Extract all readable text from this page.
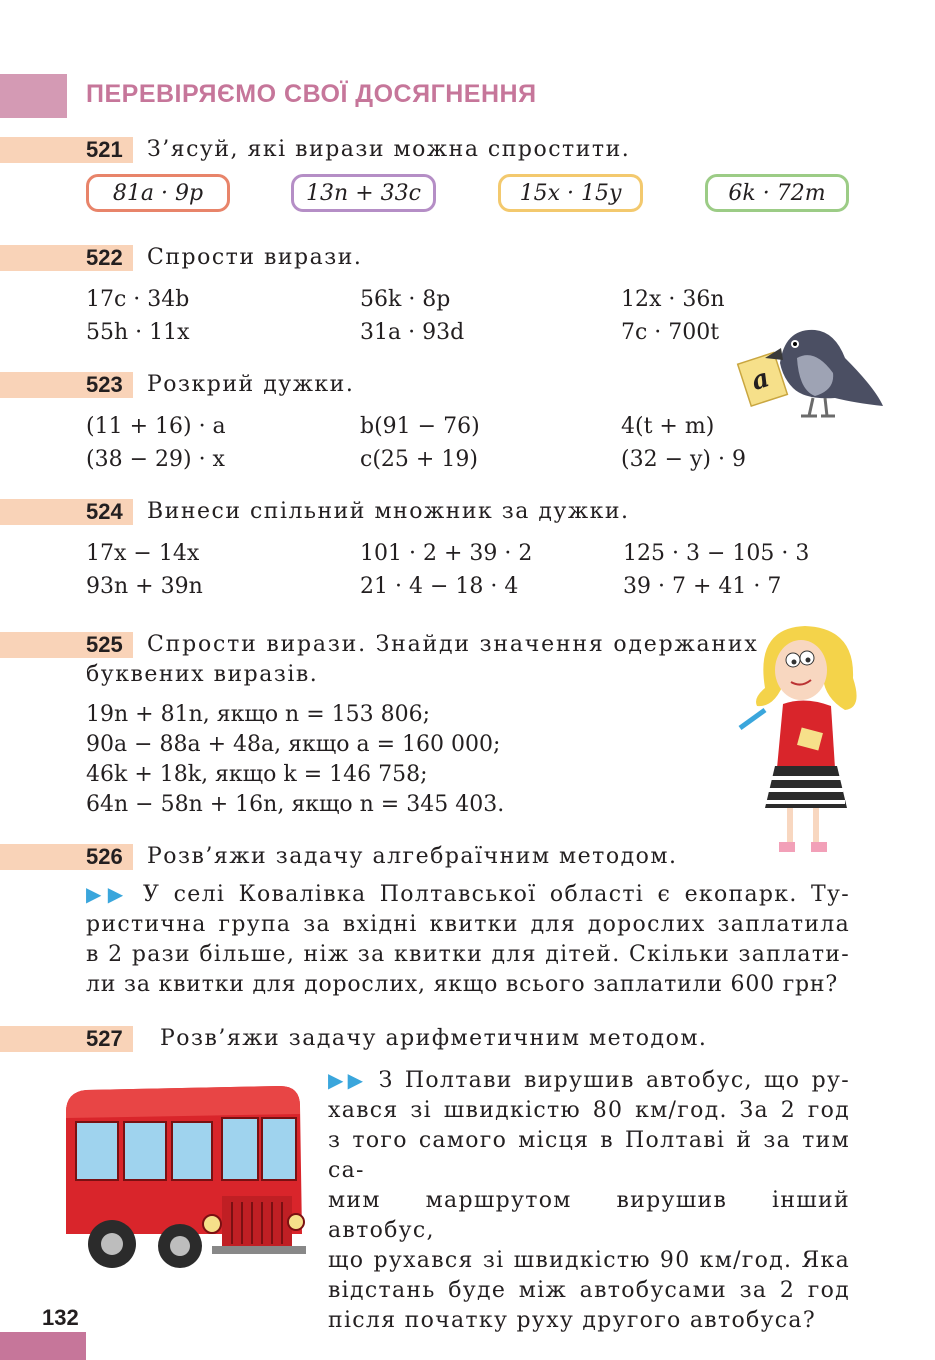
ПЕРЕВІРЯЄМО СВОЇ ДОСЯГНЕННЯ
521 З’ясуй, які вирази можна спростити.
81a · 9p	13n + 33c	15x · 15y	6k · 72m
522 Спрости вирази.
17c · 34b	56k · 8p	12x · 36n
55h · 11x	31a · 93d	7c · 700t
a
523 Розкрий дужки.
(11 + 16) · a	b(91 − 76)	4(t + m)
(38 − 29) · x	c(25 + 19)	(32 − y) · 9
524 Винеси спільний множник за дужки.
17x − 14x	101 · 2 + 39 · 2	125 · 3 − 105 · 3
93n + 39n	21 · 4 − 18 · 4	39 · 7 + 41 · 7
525 Спрости вирази. Знайди значення одержаних
буквених виразів.
19n + 81n, якщо n = 153 806;
90a − 88a + 48a, якщо a = 160 000;
46k + 18k, якщо k = 146 758;
64n − 58n + 16n, якщо n = 345 403.
526 Розв’яжи задачу алгебраїчним методом.
▶▶ У селі Ковалівка Полтавської області є екопарк. Ту-
ристична група за вхідні квитки для дорослих заплатила
в 2 рази більше, ніж за квитки для дітей. Скільки заплати-
ли за квитки для дорослих, якщо всього заплатили 600 грн?
527 Розв’яжи задачу арифметичним методом.
▶▶ З Полтави вирушив автобус, що ру-
хався зі швидкістю 80 км/год. За 2 год
з того самого місця в Полтаві й за тим са-
мим маршрутом вирушив інший автобус,
що рухався зі швидкістю 90 км/год. Яка
відстань буде між автобусами за 2 год
після початку руху другого автобуса?
132
